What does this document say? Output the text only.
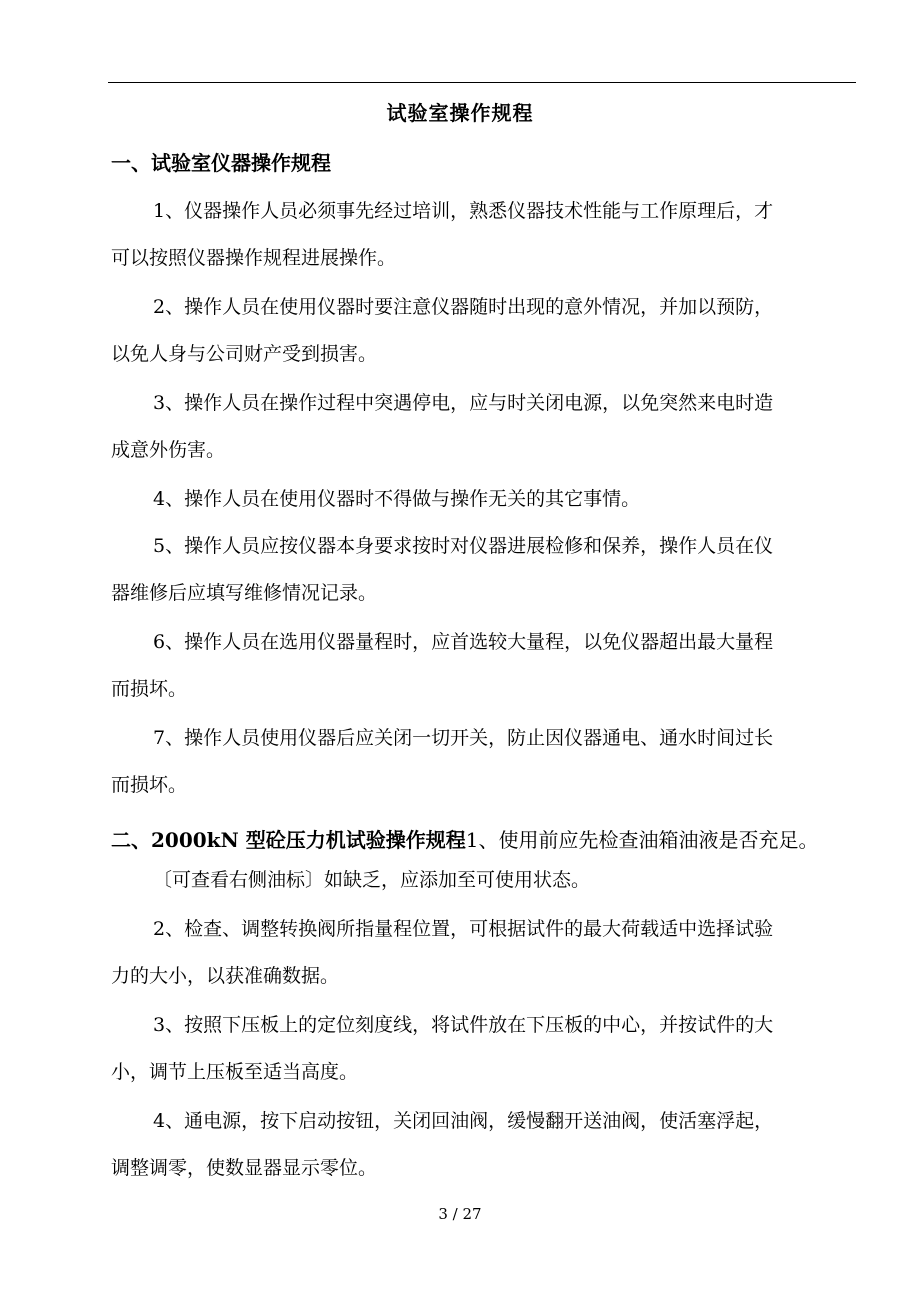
试验室操作规程
一、试验室仪器操作规程
1、仪器操作人员必须事先经过培训，熟悉仪器技术性能与工作原理后，才
可以按照仪器操作规程进展操作。
2、操作人员在使用仪器时要注意仪器随时出现的意外情况，并加以预防，
以免人身与公司财产受到损害。
3、操作人员在操作过程中突遇停电，应与时关闭电源，以免突然来电时造
成意外伤害。
4、操作人员在使用仪器时不得做与操作无关的其它事情。
5、操作人员应按仪器本身要求按时对仪器进展检修和保养，操作人员在仪
器维修后应填写维修情况记录。
6、操作人员在选用仪器量程时，应首选较大量程，以免仪器超出最大量程
而损坏。
7、操作人员使用仪器后应关闭一切开关，防止因仪器通电、通水时间过长
而损坏。
二、2000kN 型砼压力机试验操作规程1、使用前应先检查油箱油液是否充足。
〔可查看右侧油标〕如缺乏，应添加至可使用状态。
2、检查、调整转换阀所指量程位置，可根据试件的最大荷载适中选择试验
力的大小，以获准确数据。
3、按照下压板上的定位刻度线，将试件放在下压板的中心，并按试件的大
小，调节上压板至适当高度。
4、通电源，按下启动按钮，关闭回油阀，缓慢翻开送油阀，使活塞浮起，
调整调零，使数显器显示零位。
3 / 27
